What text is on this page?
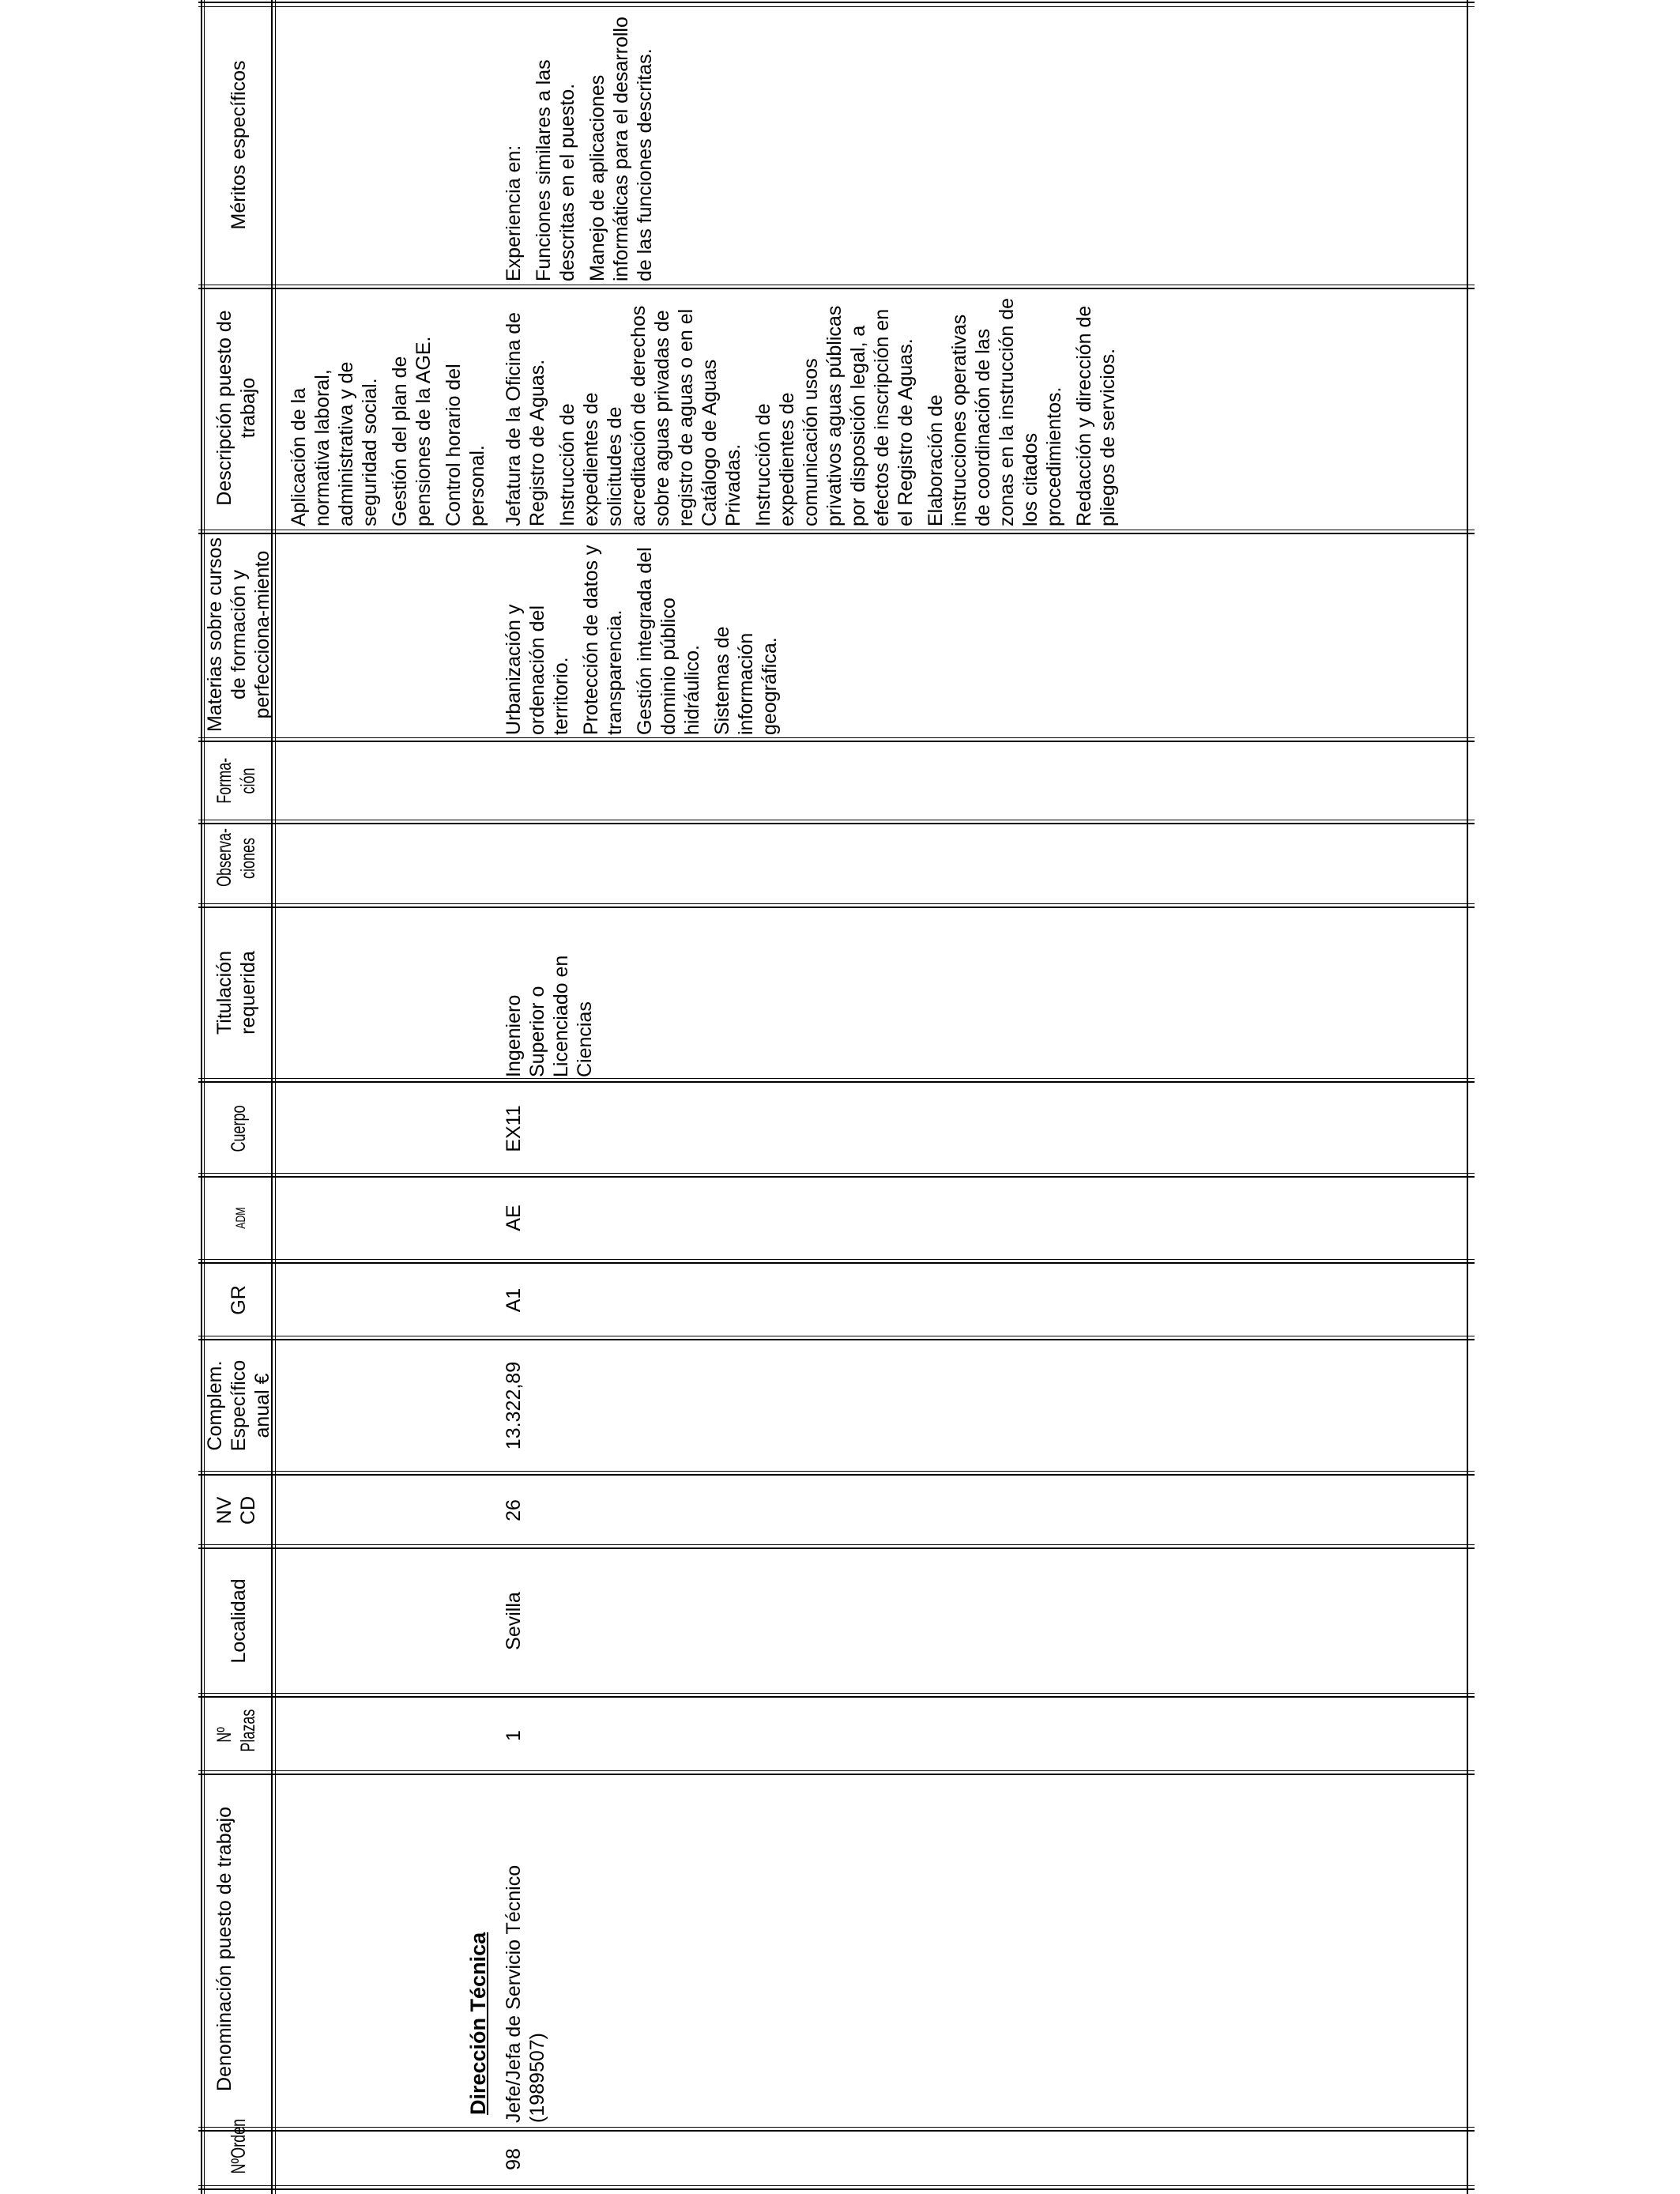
NºOrden
Denominación puesto de trabajo
Nº Plazas
Localidad
NV CD
Complem. Específico anual €
GR
ADM
Cuerpo
Titulación requerida
Observa-ciones
Forma-ción
Materias sobre cursos de formación y perfecciona-miento
Descripción puesto de trabajo
Méritos específicos
Aplicación de la normativa laboral, administrativa y de seguridad social. Gestión del plan de pensiones de la AGE. Control horario del personal.
Dirección Técnica
98
Jefe/Jefa de Servicio Técnico (1989507)
1
Sevilla
26
13.322,89
A1
AE
EX11
Ingeniero Superior o Licenciado en Ciencias
Urbanización y ordenación del territorio. Protección de datos y transparencia. Gestión integrada del dominio público hidráulico. Sistemas de información geográfica.
Jefatura de la Oficina de Registro de Aguas. Instrucción de expedientes de solicitudes de acreditación de derechos sobre aguas privadas de registro de aguas o en el Catálogo de Aguas Privadas. Instrucción de expedientes de comunicación usos privativos aguas públicas por disposición legal, a efectos de inscripción en el Registro de Aguas. Elaboración de instrucciones operativas de coordinación de las zonas en la instrucción de los citados procedimientos. Redacción y dirección de pliegos de servicios.
Experiencia en: Funciones similares a las descritas en el puesto. Manejo de aplicaciones informáticas para el desarrollo de las funciones descritas.
